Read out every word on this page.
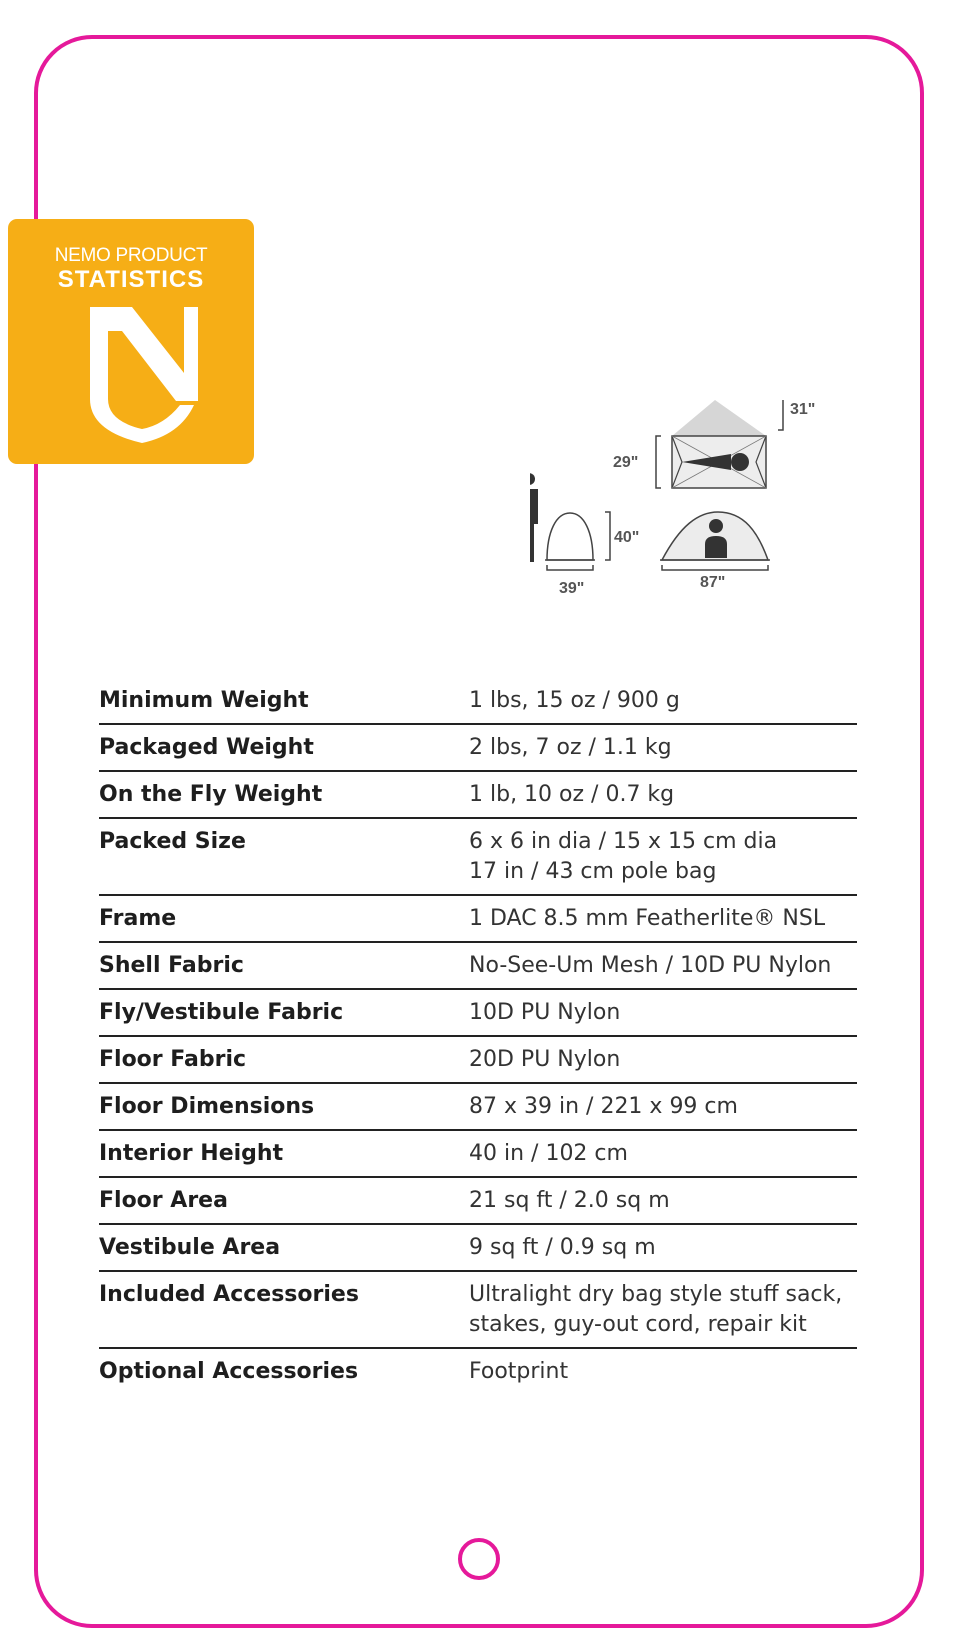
NEMO PRODUCT
STATISTICS
31"
29"
39"
40"
87"
Minimum Weight	1 lbs, 15 oz / 900 g

Packaged Weight	2 lbs, 7 oz / 1.1 kg

On the Fly Weight	1 lb, 10 oz / 0.7 kg

Packed Size	6 x 6 in dia / 15 x 15 cm dia
17 in / 43 cm pole bag

Frame	1 DAC 8.5 mm Featherlite® NSL

Shell Fabric	No-See-Um Mesh / 10D PU Nylon

Fly/Vestibule Fabric	10D PU Nylon

Floor Fabric	20D PU Nylon

Floor Dimensions	87 x 39 in / 221 x 99 cm

Interior Height	40 in / 102 cm

Floor Area	21 sq ft / 2.0 sq m

Vestibule Area	9 sq ft / 0.9 sq m

Included Accessories	Ultralight dry bag style stuff sack,
stakes, guy-out cord, repair kit

Optional Accessories	Footprint
